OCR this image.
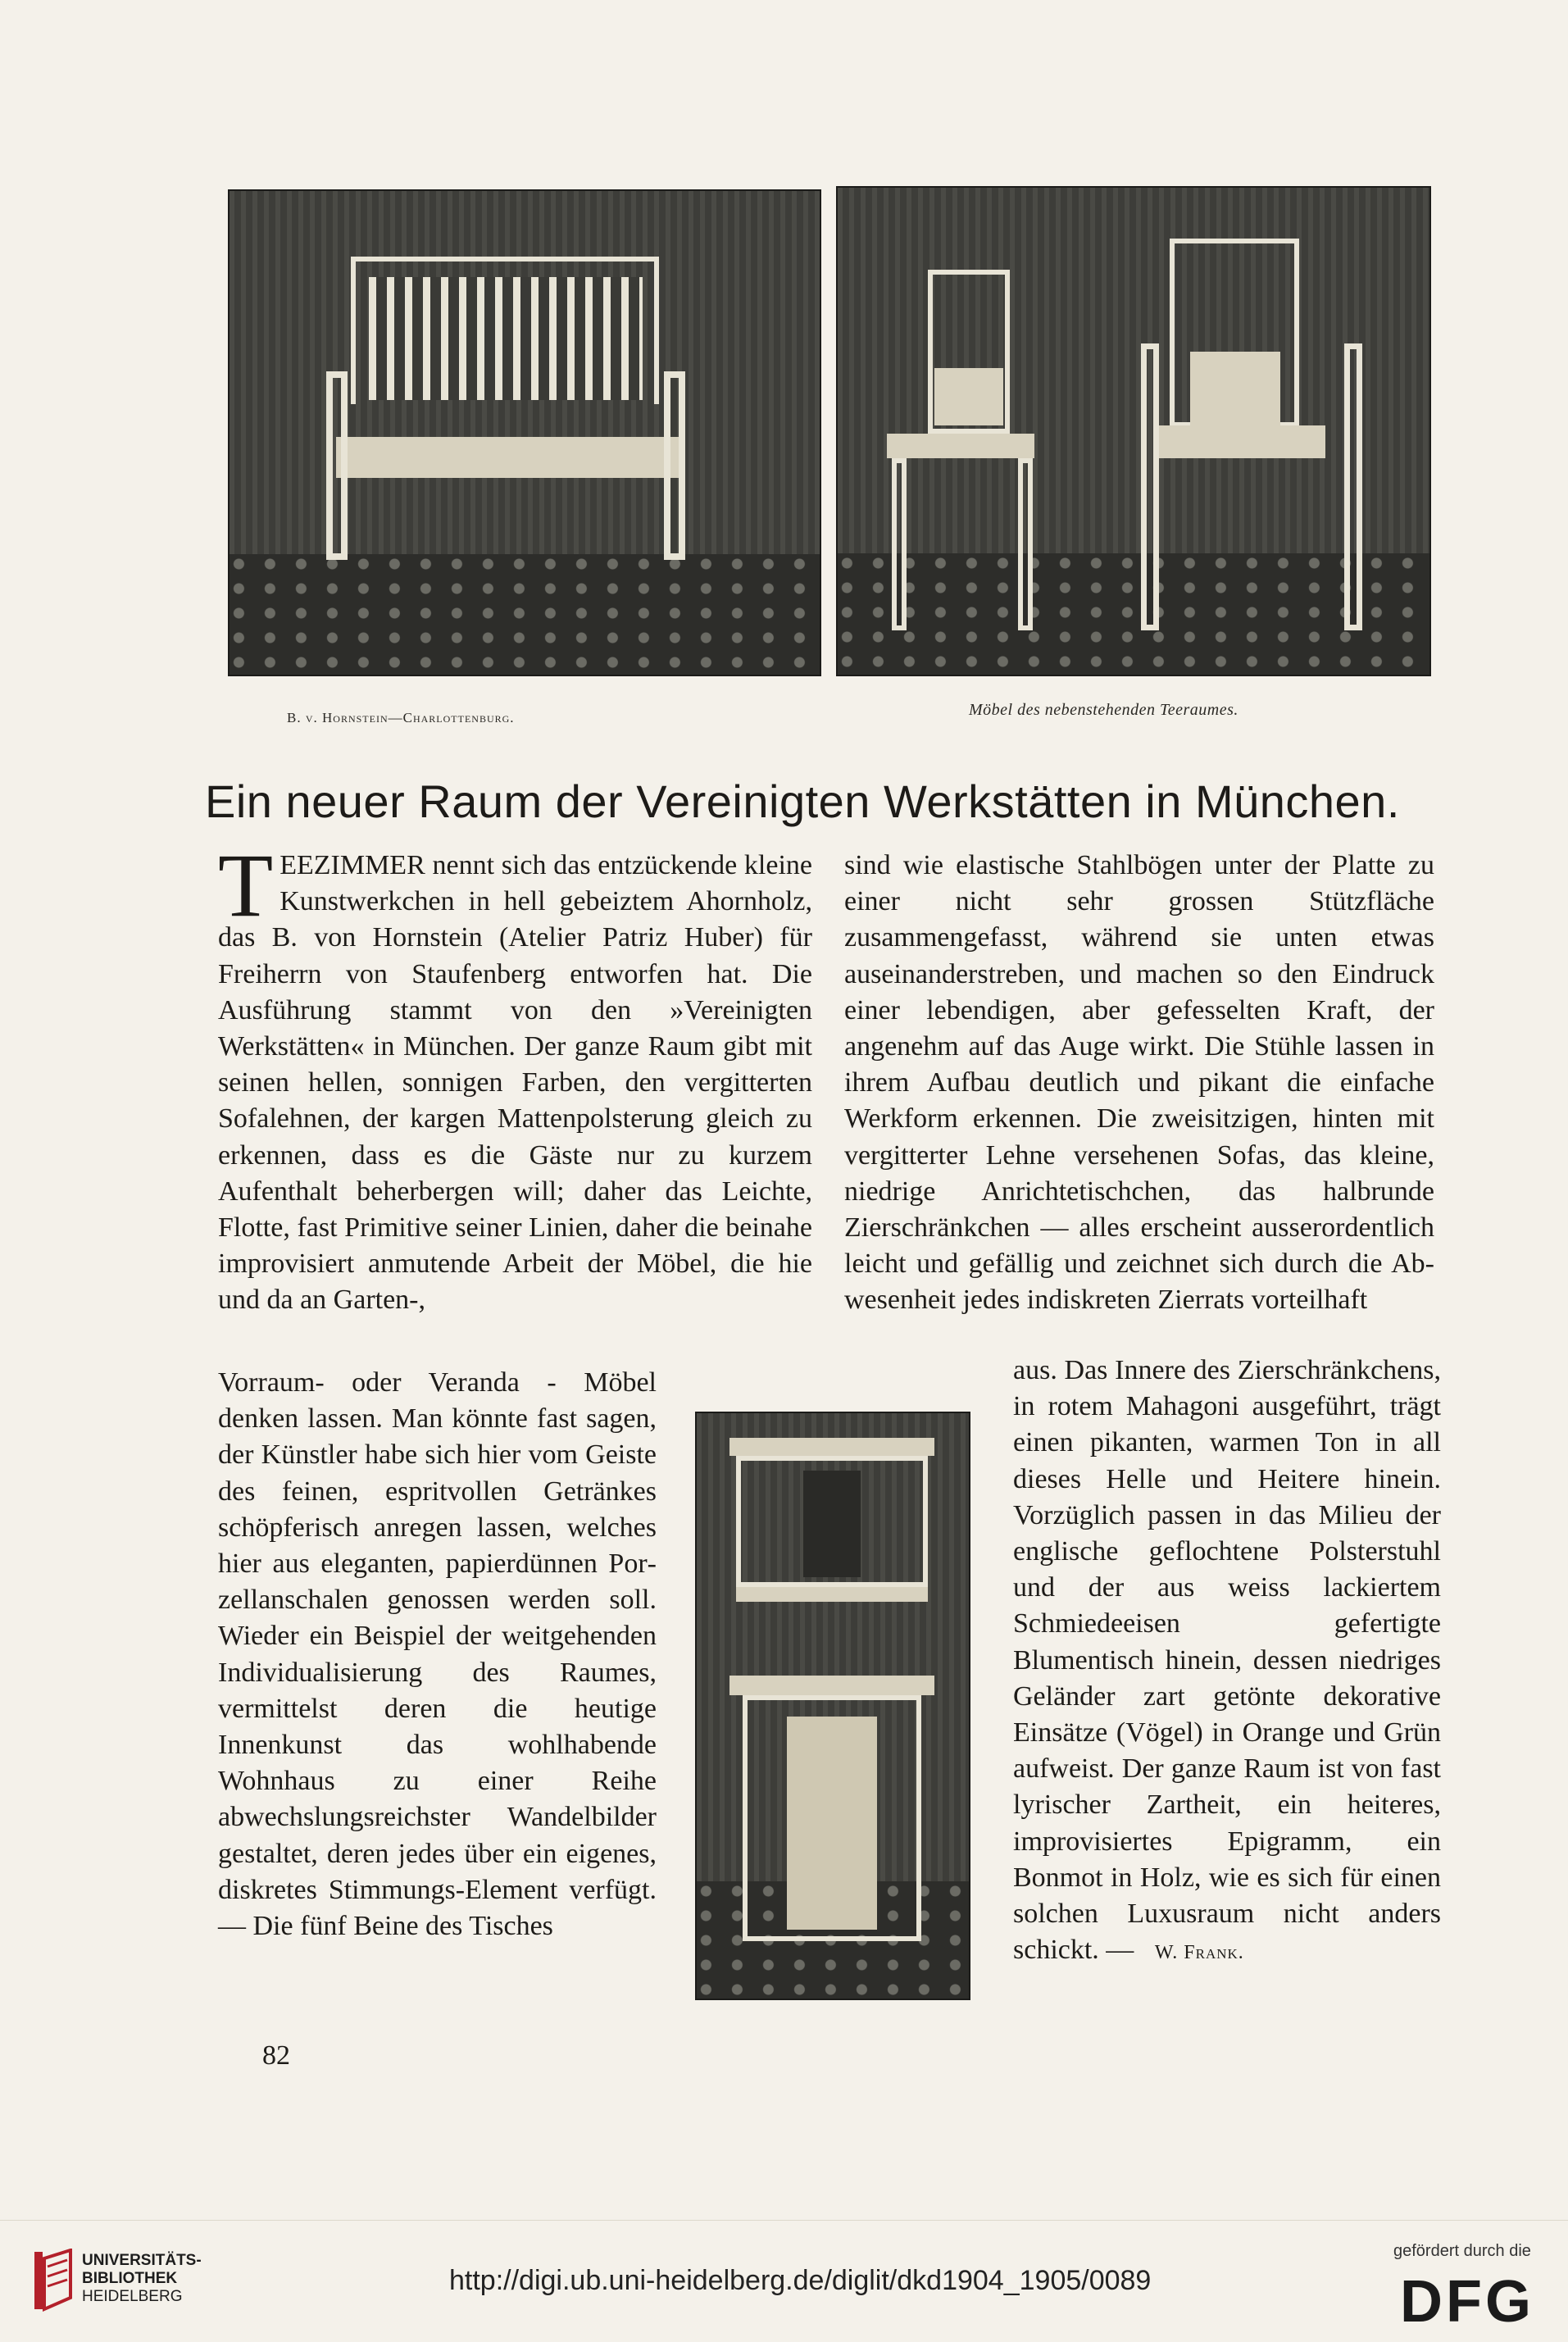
B. v. Hornstein—Charlottenburg.	Möbel des nebenstehenden Teeraumes.
Ein neuer Raum der Vereinigten Werkstätten in München.

TEEZIMMER nennt sich das entzückende kleine Kunstwerkchen in hell gebeiztem Ahornholz, das B. von Hornstein (Atelier Patriz Huber) für Freiherrn von Staufenberg entworfen hat. Die Ausführung stammt von den »Vereinigten Werkstätten« in München. Der ganze Raum gibt mit seinen hellen, sonnigen Farben, den vergitterten Sofalehnen, der kargen Mattenpolsterung gleich zu erkennen, dass es die Gäste nur zu kurzem Aufenthalt beherbergen will; daher das Leichte, Flotte, fast Primitive seiner Linien, daher die beinahe improvisiert anmutende Arbeit der Möbel, die hie und da an Garten-,

Vorraum- oder Veranda - Möbel denken lassen. Man könnte fast sagen, der Künstler habe sich hier vom Geiste des feinen, espritvollen Getränkes schöpferisch anregen lassen, welches hier aus eleganten, papierdünnen Porzellanschalen genossen werden soll. Wieder ein Beispiel der weitgehenden Individualisierung des Raumes, vermittelst deren die heutige Innenkunst das wohlhabende Wohnhaus zu einer Reihe abwechslungsreichster Wandelbilder gestaltet, deren jedes über ein eigenes, diskretes Stimmungs-Element verfügt. — Die fünf Beine des Tisches

sind wie elastische Stahlbögen unter der Platte zu einer nicht sehr grossen Stützfläche zusammengefasst, während sie unten etwas auseinanderstreben, und machen so den Eindruck einer lebendigen, aber gefesselten Kraft, der angenehm auf das Auge wirkt. Die Stühle lassen in ihrem Aufbau deutlich und pikant die einfache Werkform erkennen. Die zweisitzigen, hinten mit vergitterter Lehne versehenen Sofas, das kleine, niedrige Anrichtetischchen, das halbrunde Zierschränkchen — alles erscheint ausserordentlich leicht und gefällig und zeichnet sich durch die Abwesenheit jedes indiskreten Zierrats vorteilhaft

aus. Das Innere des Zierschränkchens, in rotem Mahagoni ausgeführt, trägt einen pikanten, warmen Ton in all dieses Helle und Heitere hinein. Vorzüglich passen in das Milieu der englische geflochtene Polsterstuhl und der aus weiss lackiertem Schmiedeeisen gefertigte Blumentisch hinein, dessen niedriges Geländer zart getönte dekorative Einsätze (Vögel) in Orange und Grün aufweist. Der ganze Raum ist von fast lyrischer Zartheit, ein heiteres, improvisiertes Epigramm, ein Bonmot in Holz, wie es sich für einen solchen Luxusraum nicht anders schickt. — W. Frank.

82
UNIVERSITÄTS-
BIBLIOTHEK
HEIDELBERG
http://digi.ub.uni-heidelberg.de/diglit/dkd1904_1905/0089
gefördert durch die
DFG
